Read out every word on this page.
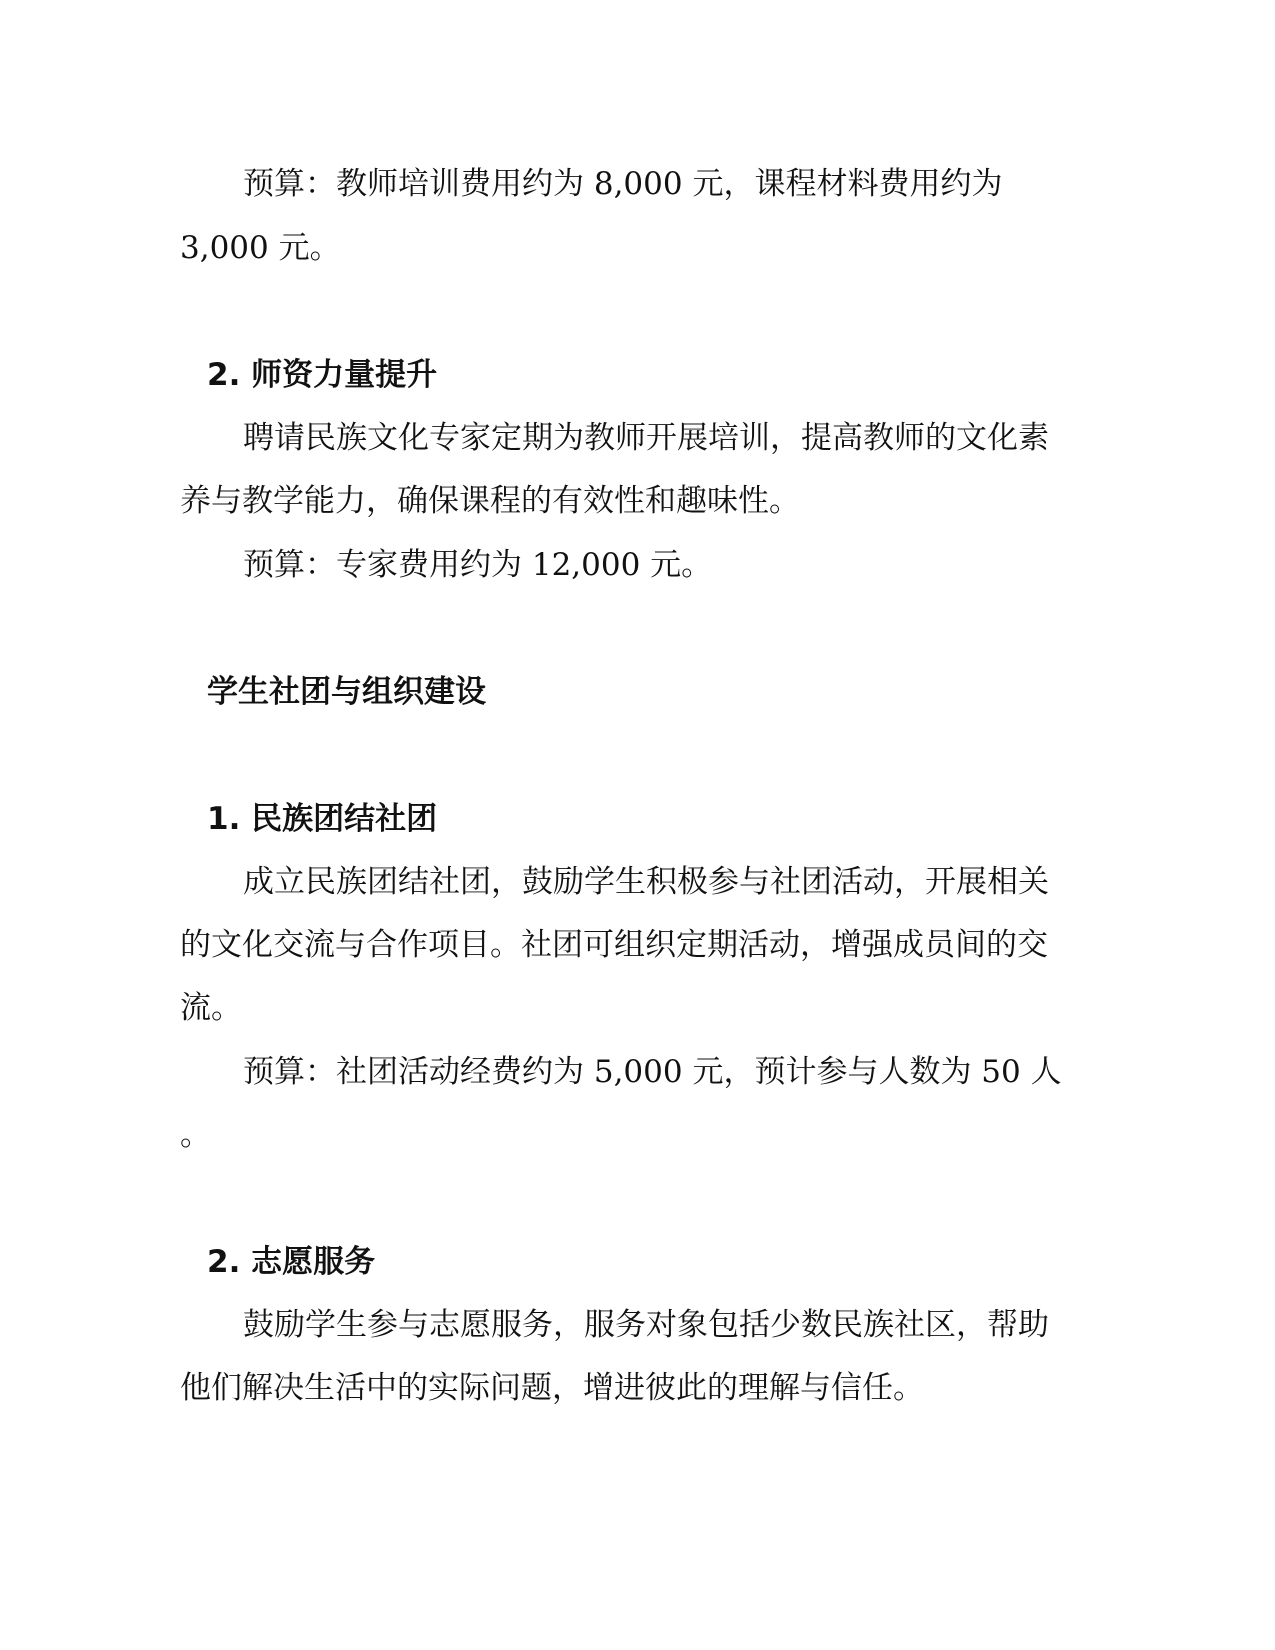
预算：教师培训费用约为 8,000 元，课程材料费用约为
3,000 元。
2. 师资力量提升
聘请民族文化专家定期为教师开展培训，提高教师的文化素
养与教学能力，确保课程的有效性和趣味性。
预算：专家费用约为 12,000 元。
学生社团与组织建设
1. 民族团结社团
成立民族团结社团，鼓励学生积极参与社团活动，开展相关
的文化交流与合作项目。社团可组织定期活动，增强成员间的交
流。
预算：社团活动经费约为 5,000 元，预计参与人数为 50 人
。
2. 志愿服务
鼓励学生参与志愿服务，服务对象包括少数民族社区，帮助
他们解决生活中的实际问题，增进彼此的理解与信任。
